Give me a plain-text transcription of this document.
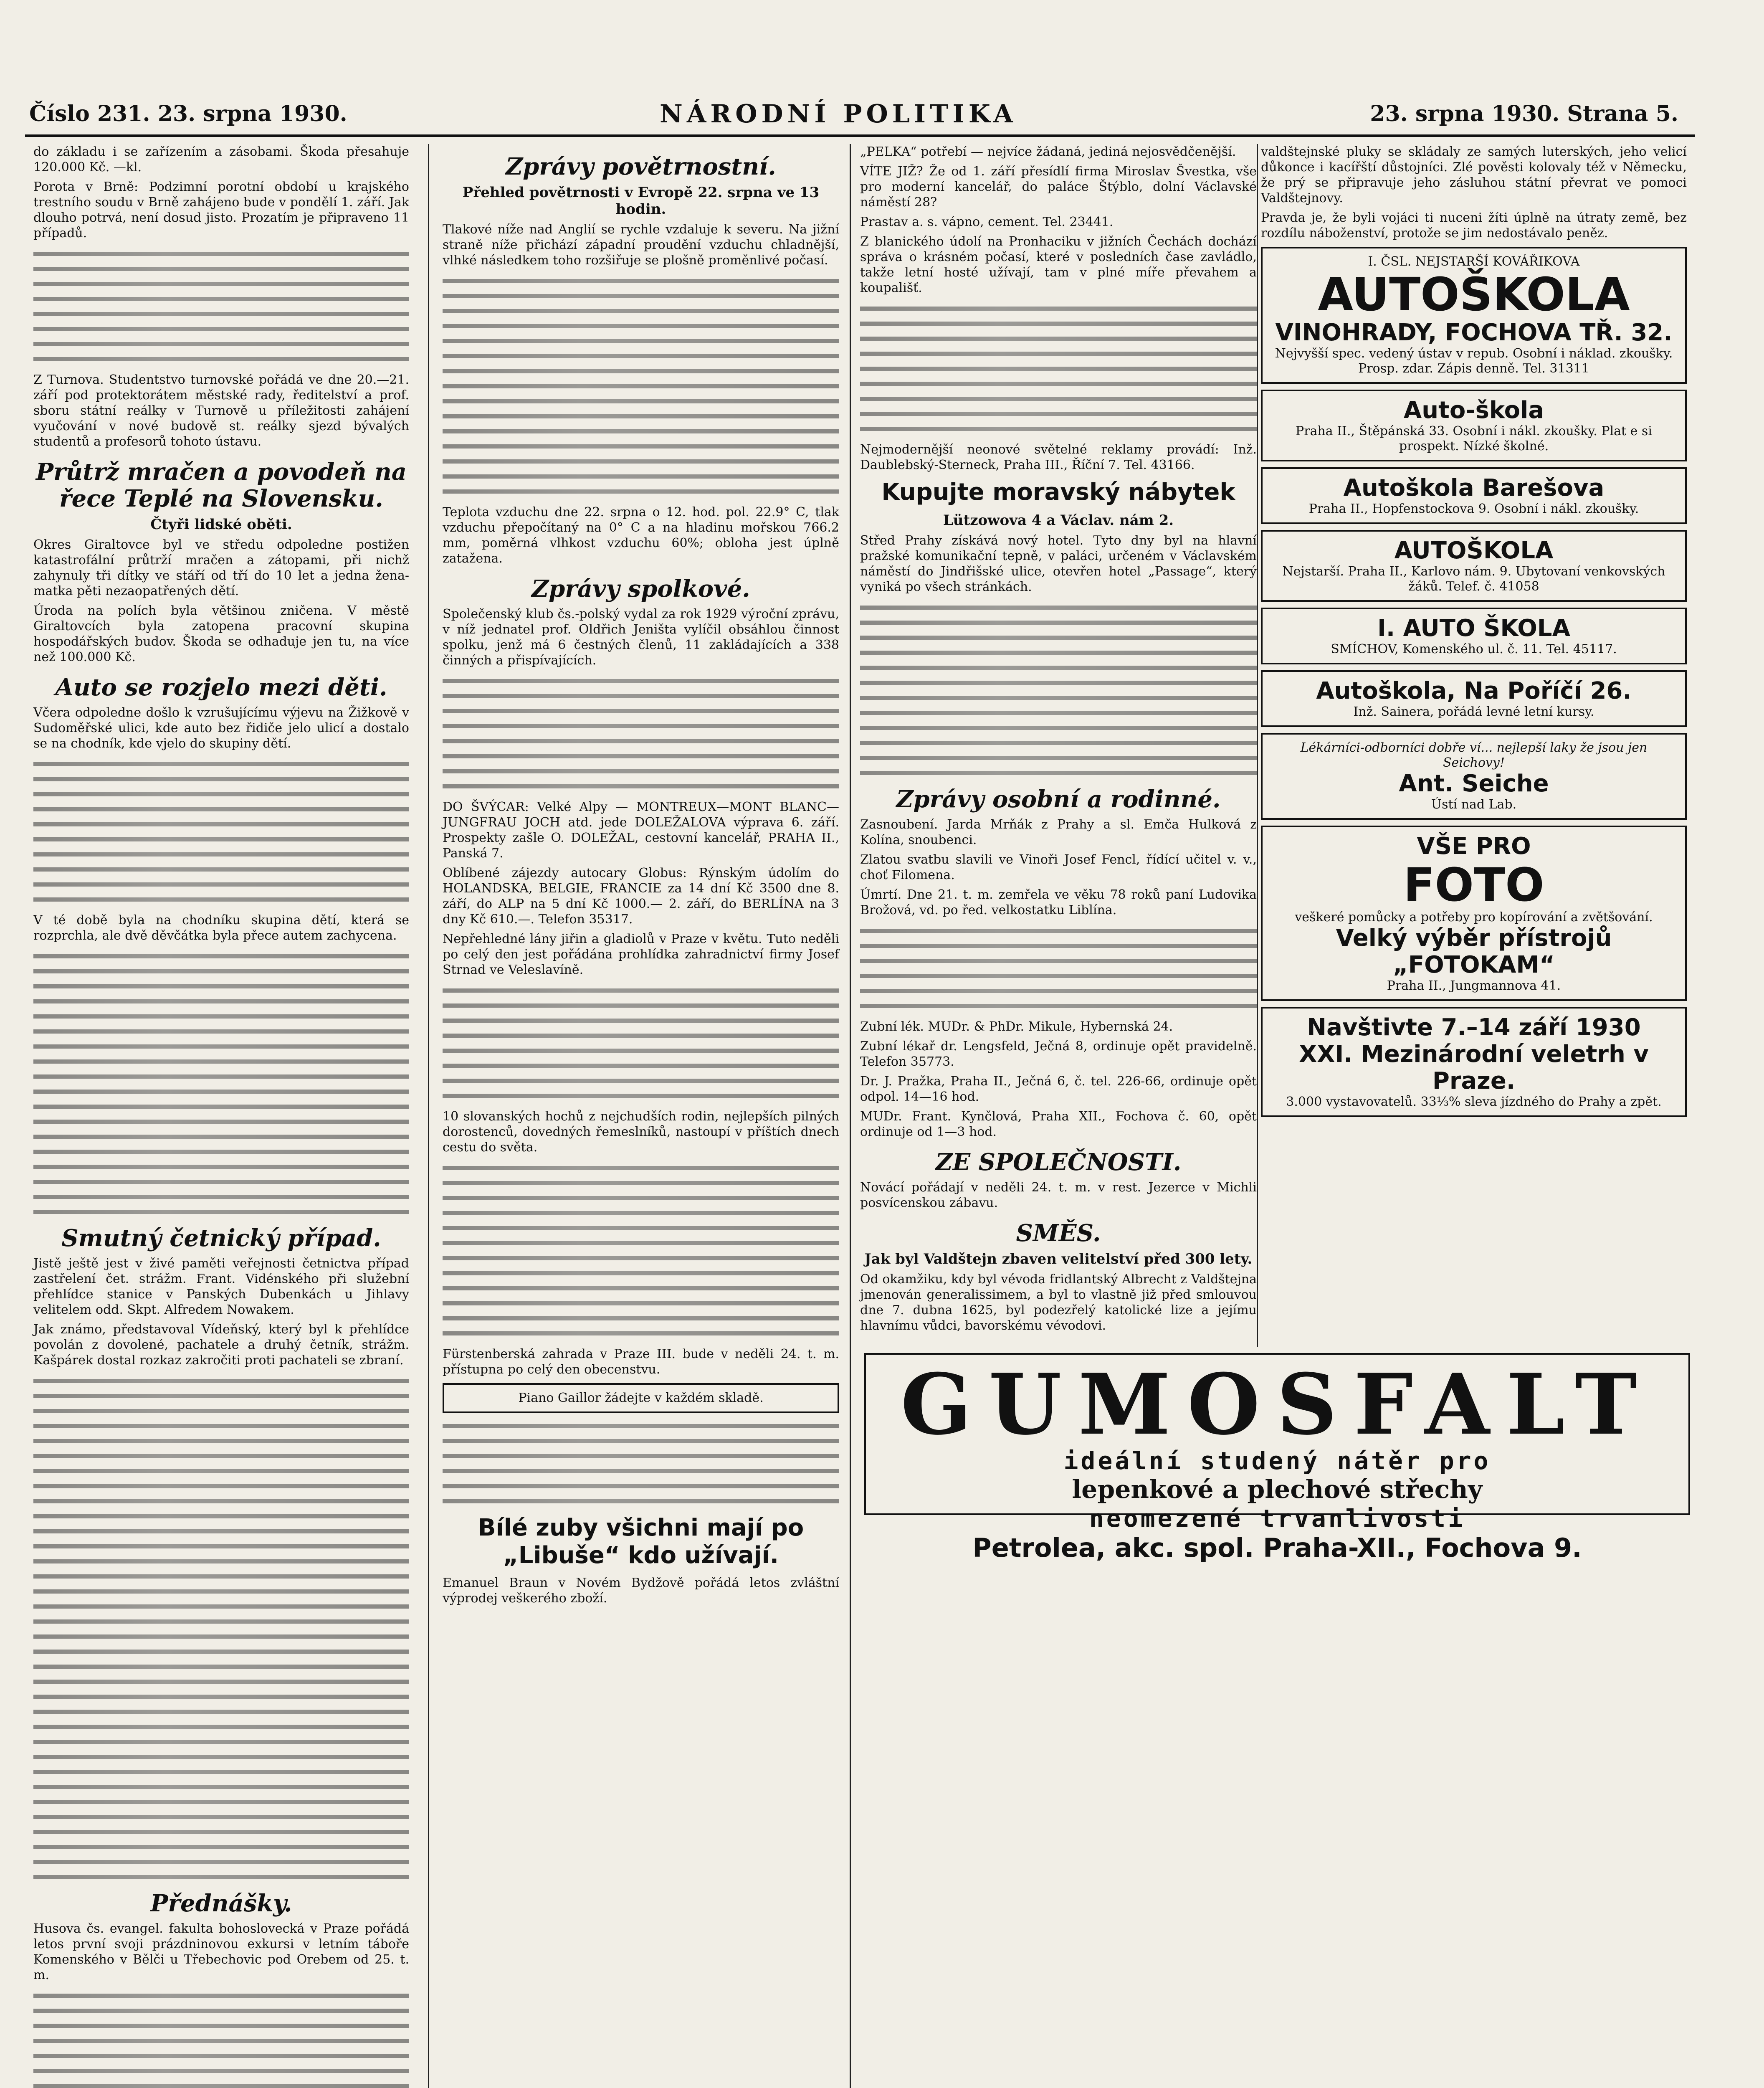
Číslo 231. 23. srpna 1930.	NÁRODNÍ POLITIKA	23. srpna 1930. Strana 5.

do základu i se zařízením a zásobami. Škoda přesahuje 120.000 Kč. —kl.

Porota v Brně: Podzimní porotní období u krajského trestního soudu v Brně zahájeno bude v pondělí 1. září. Jak dlouho potrvá, není dosud jisto. Prozatím je připraveno 11 případů.

Z Turnova. Studentstvo turnovské pořádá ve dne 20.—21. září pod protektorátem městské rady, ředitelství a prof. sboru státní reálky v Turnově u příležitosti zahájení vyučování v nové budově st. reálky sjezd bývalých studentů a profesorů tohoto ústavu.

Průtrž mračen a povodeň na řece Teplé na Slovensku.
Čtyři lidské oběti.

Okres Giraltovce byl ve středu odpoledne postižen katastrofální průtrží mračen a zátopami, při nichž zahynuly tři dítky ve stáří od tří do 10 let a jedna žena-matka pěti nezaopatřených dětí.

Úroda na polích byla většinou zničena. V městě Giraltovcích byla zatopena pracovní skupina hospodářských budov. Škoda se odhaduje jen tu, na více než 100.000 Kč.

Auto se rozjelo mezi děti.

Včera odpoledne došlo k vzrušujícímu výjevu na Žižkově v Sudoměřské ulici, kde auto bez řidiče jelo ulicí a dostalo se na chodník, kde vjelo do skupiny dětí.

V té době byla na chodníku skupina dětí, která se rozprchla, ale dvě děvčátka byla přece autem zachycena.

Smutný četnický případ.

Jistě ještě jest v živé paměti veřejnosti četnictva případ zastřelení čet. strážm. Frant. Vidénského při služební přehlídce stanice v Panských Dubenkách u Jihlavy velitelem odd. Skpt. Alfredem Nowakem.

Jak známo, představoval Vídeňský, který byl k přehlídce povolán z dovolené, pachatele a druhý četník, strážm. Kašpárek dostal rozkaz zakročiti proti pachateli se zbraní.

Přednášky.

Husova čs. evangel. fakulta bohoslovecká v Praze pořádá letos první svoji prázdninovou exkursi v letním táboře Komenského v Bělči u Třebechovic pod Orebem od 25. t. m.

Zprávy povětrnostní.
Přehled povětrnosti v Evropě 22. srpna ve 13 hodin.

Tlakové níže nad Anglií se rychle vzdaluje k severu. Na jižní straně níže přichází západní proudění vzduchu chladnější, vlhké následkem toho rozšiřuje se plošně proměnlivé počasí.

Teplota vzduchu dne 22. srpna o 12. hod. pol. 22.9° C, tlak vzduchu přepočítaný na 0° C a na hladinu mořskou 766.2 mm, poměrná vlhkost vzduchu 60%; obloha jest úplně zatažena.

Zprávy spolkové.

Společenský klub čs.-polský vydal za rok 1929 výroční zprávu, v níž jednatel prof. Oldřich Jeništa vylíčil obsáhlou činnost spolku, jenž má 6 čestných členů, 11 zakládajících a 338 činných a přispívajících.

DO ŠVÝCAR: Velké Alpy — MONTREUX—MONT BLANC—JUNGFRAU JOCH atd. jede DOLEŽALOVA výprava 6. září. Prospekty zašle O. DOLEŽAL, cestovní kancelář, PRAHA II., Panská 7.

Oblíbené zájezdy autocary Globus: Rýnským údolím do HOLANDSKA, BELGIE, FRANCIE za 14 dní Kč 3500 dne 8. září, do ALP na 5 dní Kč 1000.— 2. září, do BERLÍNA na 3 dny Kč 610.—. Telefon 35317.

Nepřehledné lány jiřin a gladiolů v Praze v květu. Tuto neděli po celý den jest pořádána prohlídka zahradnictví firmy Josef Strnad ve Veleslavíně.

10 slovanských hochů z nejchudších rodin, nejlepších pilných dorostenců, dovedných řemeslníků, nastoupí v příštích dnech cestu do světa.

Fürstenberská zahrada v Praze III. bude v neděli 24. t. m. přístupna po celý den obecenstvu.

Piano Gaillor žádejte v každém skladě.
Bílé zuby všichni mají po „Libuše“ kdo užívají.

Emanuel Braun v Novém Bydžově pořádá letos zvláštní výprodej veškerého zboží.

„PELKA“ potřebí — nejvíce žádaná, jediná nejosvědčenější.

VÍTE JIŽ? Že od 1. září přesídlí firma Miroslav Švestka, vše pro moderní kancelář, do paláce Štýblo, dolní Václavské náměstí 28?

Prastav a. s. vápno, cement. Tel. 23441.

Z blanického údolí na Pronhaciku v jižních Čechách dochází správa o krásném počasí, které v posledních čase zavládlo, takže letní hosté užívají, tam v plné míře převahem a koupališť.

Nejmodernější neonové světelné reklamy provádí: Inž. Daublebský-Sterneck, Praha III., Říční 7. Tel. 43166.

Kupujte moravský nábytek
Lützowova 4 a Václav. nám 2.

Střed Prahy získává nový hotel. Tyto dny byl na hlavní pražské komunikační tepně, v paláci, určeném v Václavském náměstí do Jindřišské ulice, otevřen hotel „Passage“, který vyniká po všech stránkách.

Zprávy osobní a rodinné.

Zasnoubení. Jarda Mrňák z Prahy a sl. Emča Hulková z Kolína, snoubenci.

Zlatou svatbu slavili ve Vinoři Josef Fencl, řídící učitel v. v., choť Filomena.

Úmrtí. Dne 21. t. m. zemřela ve věku 78 roků paní Ludovika Brožová, vd. po řed. velkostatku Liblína.

Zubní lék. MUDr. & PhDr. Mikule, Hybernská 24.

Zubní lékař dr. Lengsfeld, Ječná 8, ordinuje opět pravidelně. Telefon 35773.

Dr. J. Pražka, Praha II., Ječná 6, č. tel. 226-66, ordinuje opět odpol. 14—16 hod.

MUDr. Frant. Kynčlová, Praha XII., Fochova č. 60, opět ordinuje od 1—3 hod.

ZE SPOLEČNOSTI.

Novácí pořádají v neděli 24. t. m. v rest. Jezerce v Michli posvícenskou zábavu.

SMĚS.
Jak byl Valdštejn zbaven velitelství před 300 lety.

Od okamžiku, kdy byl vévoda fridlantský Albrecht z Valdštejna jmenován generalissimem, a byl to vlastně již před smlouvou dne 7. dubna 1625, byl podezřelý katolické lize a jejímu hlavnímu vůdci, bavorskému vévodovi.

valdštejnské pluky se skládaly ze samých luterských, jeho velicí důkonce i kacířští důstojníci. Zlé pověsti kolovaly též v Německu, že prý se připravuje jeho zásluhou státní převrat ve pomoci Valdštejnovy.

Pravda je, že byli vojáci ti nuceni žíti úplně na útraty země, bez rozdílu náboženství, protože se jim nedostávalo peněz.

I. ČSL. NEJSTARŠÍ KOVÁŘIKOVA
AUTOŠKOLA
VINOHRADY, FOCHOVA TŘ. 32.
Nejvyšší spec. vedený ústav v repub. Osobní i náklad. zkoušky. Prosp. zdar. Zápis denně. Tel. 31311
Auto-škola
Praha II., Štěpánská 33. Osobní i nákl. zkoušky. Plat e si prospekt. Nízké školné.
Autoškola Barešova
Praha II., Hopfenstockova 9. Osobní i nákl. zkoušky.
AUTOŠKOLA
Nejstarší. Praha II., Karlovo nám. 9. Ubytovaní venkovských žáků. Telef. č. 41058
I. AUTO ŠKOLA
SMÍCHOV, Komenského ul. č. 11. Tel. 45117.
Autoškola, Na Poříčí 26.
Inž. Sainera, pořádá levné letní kursy.
Lékárníci-odborníci dobře ví... nejlepší laky že jsou jen Seichovy!
Ant. Seiche
Ústí nad Lab.
VŠE PRO
FOTO
veškeré pomůcky a potřeby pro kopírování a zvětšování.
Velký výběr přístrojů
„FOTOKAM“
Praha II., Jungmannova 41.
Navštivte 7.–14 září 1930
XXI. Mezinárodní veletrh v Praze.
3.000 vystavovatelů. 33⅓% sleva jízdného do Prahy a zpět.
GUMOSFALT
ideální studený nátěr pro
lepenkové a plechové střechy
neomezené trvanlivosti
Petrolea, akc. spol. Praha-XII., Fochova 9.
